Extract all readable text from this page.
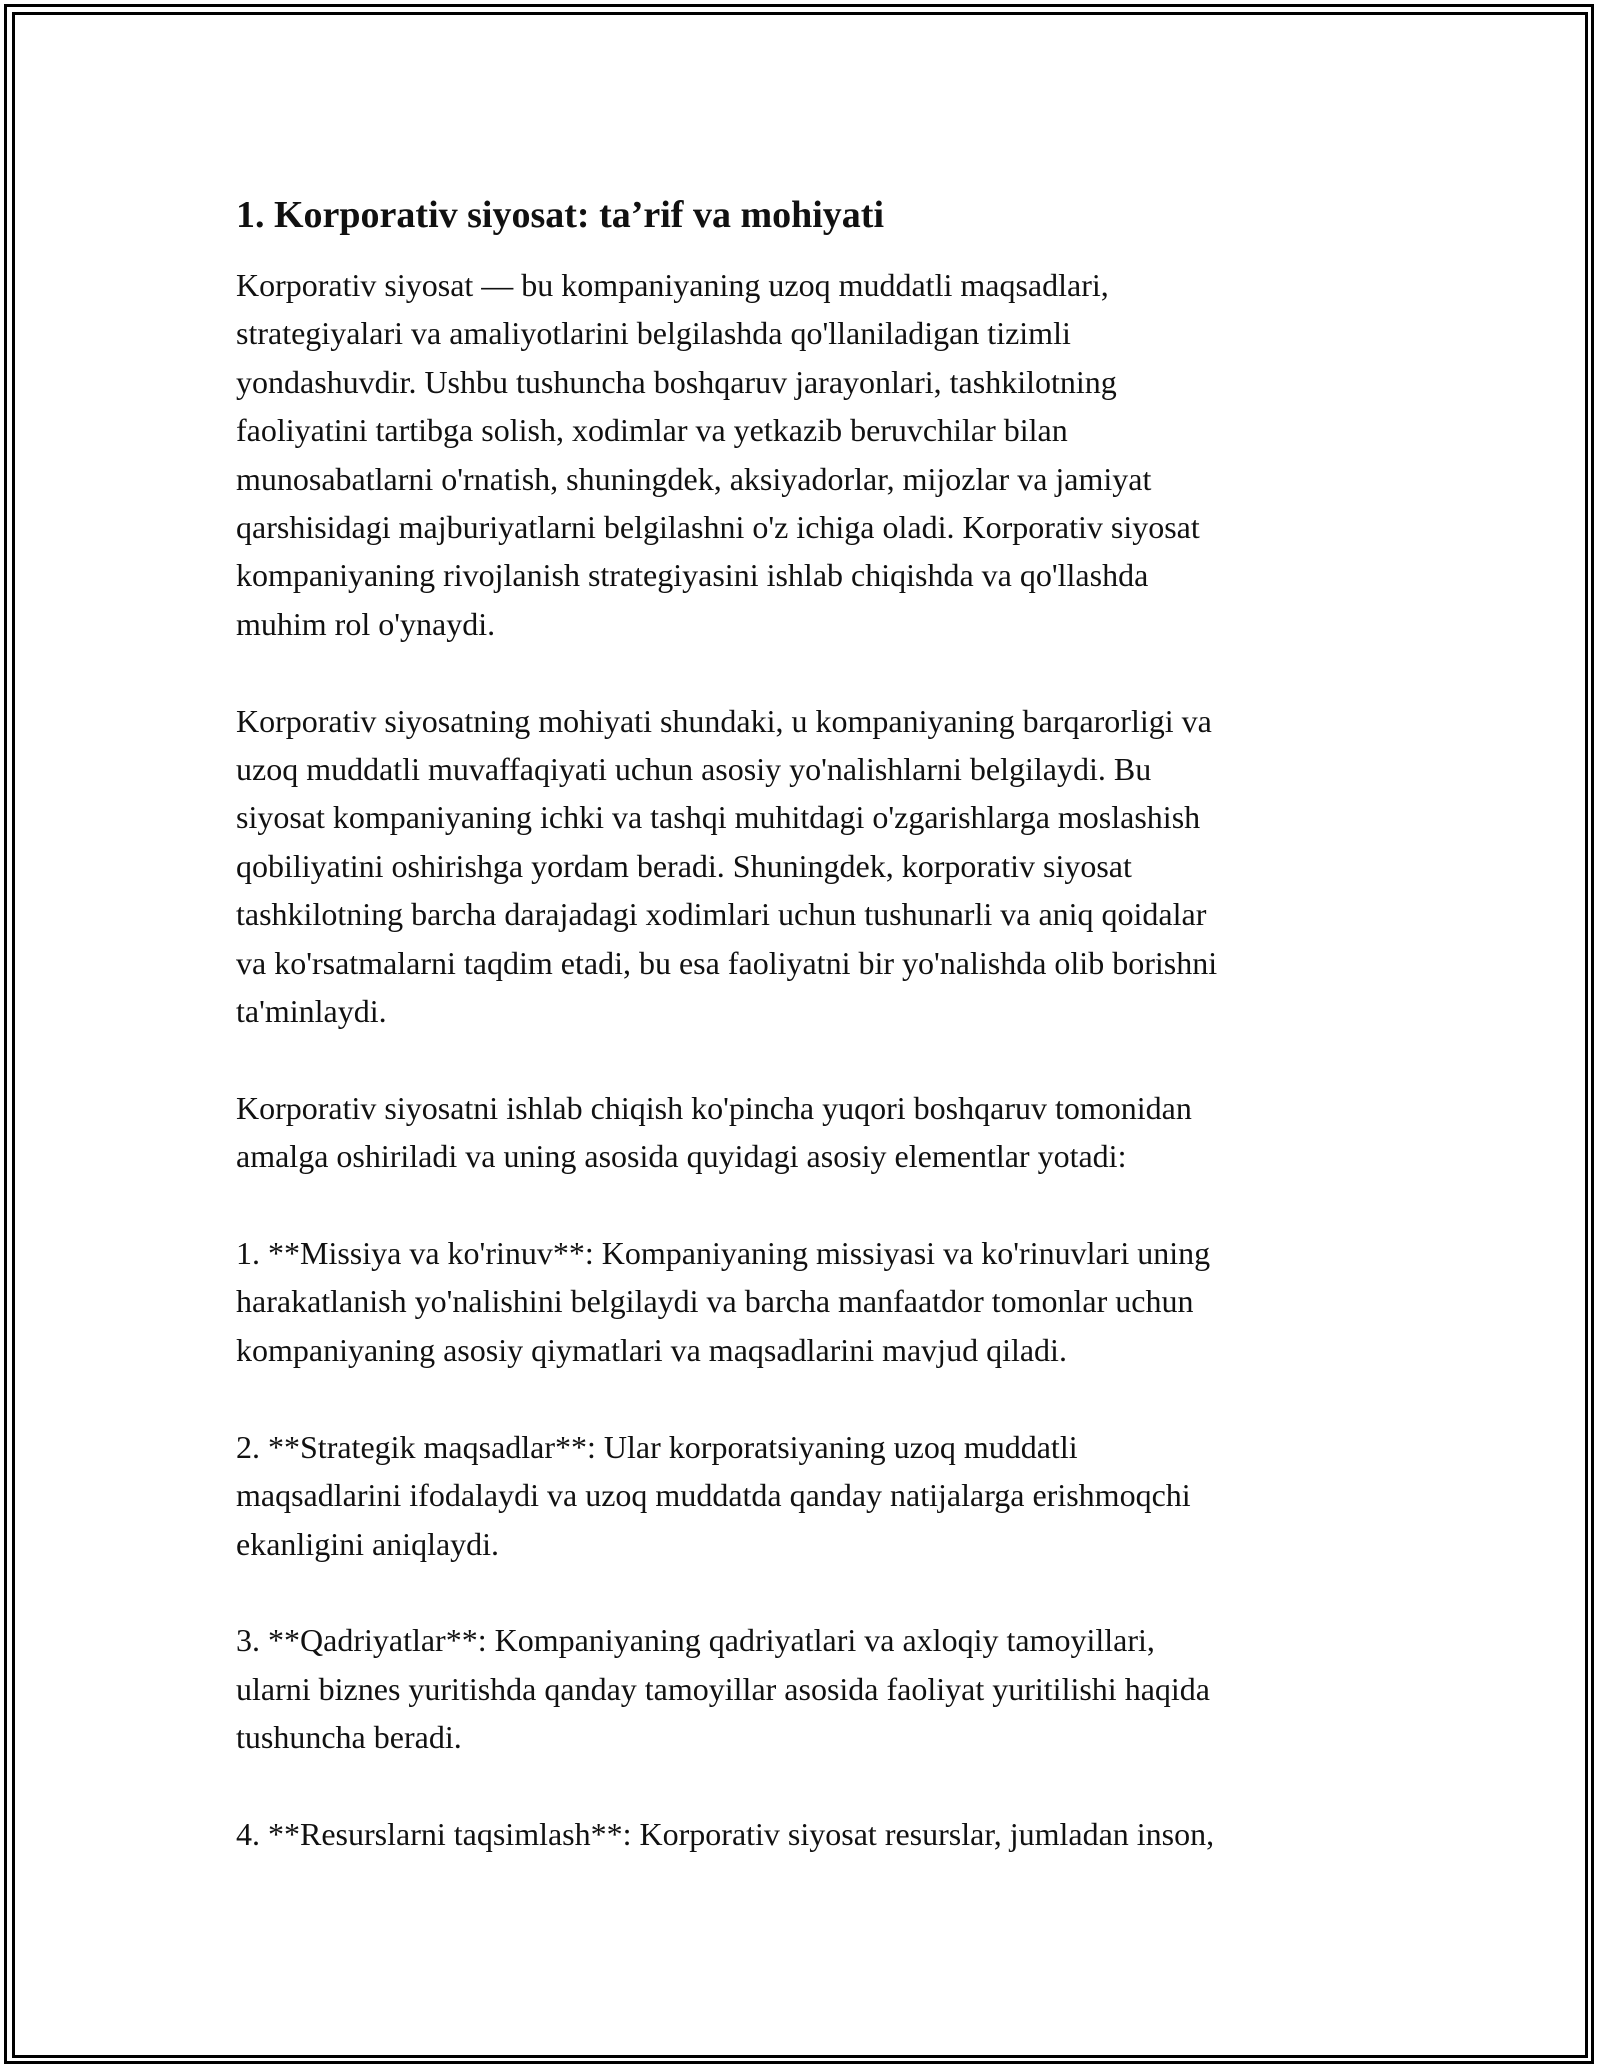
1. Korporativ siyosat: ta’rif va mohiyati

Korporativ siyosat — bu kompaniyaning uzoq muddatli maqsadlari,
strategiyalari va amaliyotlarini belgilashda qo'llaniladigan tizimli
yondashuvdir. Ushbu tushuncha boshqaruv jarayonlari, tashkilotning
faoliyatini tartibga solish, xodimlar va yetkazib beruvchilar bilan
munosabatlarni o'rnatish, shuningdek, aksiyadorlar, mijozlar va jamiyat
qarshisidagi majburiyatlarni belgilashni o'z ichiga oladi. Korporativ siyosat
kompaniyaning rivojlanish strategiyasini ishlab chiqishda va qo'llashda
muhim rol o'ynaydi.

Korporativ siyosatning mohiyati shundaki, u kompaniyaning barqarorligi va
uzoq muddatli muvaffaqiyati uchun asosiy yo'nalishlarni belgilaydi. Bu
siyosat kompaniyaning ichki va tashqi muhitdagi o'zgarishlarga moslashish
qobiliyatini oshirishga yordam beradi. Shuningdek, korporativ siyosat
tashkilotning barcha darajadagi xodimlari uchun tushunarli va aniq qoidalar
va ko'rsatmalarni taqdim etadi, bu esa faoliyatni bir yo'nalishda olib borishni
ta'minlaydi.

Korporativ siyosatni ishlab chiqish ko'pincha yuqori boshqaruv tomonidan
amalga oshiriladi va uning asosida quyidagi asosiy elementlar yotadi:

1. **Missiya va ko'rinuv**: Kompaniyaning missiyasi va ko'rinuvlari uning
harakatlanish yo'nalishini belgilaydi va barcha manfaatdor tomonlar uchun
kompaniyaning asosiy qiymatlari va maqsadlarini mavjud qiladi.

2. **Strategik maqsadlar**: Ular korporatsiyaning uzoq muddatli
maqsadlarini ifodalaydi va uzoq muddatda qanday natijalarga erishmoqchi
ekanligini aniqlaydi.

3. **Qadriyatlar**: Kompaniyaning qadriyatlari va axloqiy tamoyillari,
ularni biznes yuritishda qanday tamoyillar asosida faoliyat yuritilishi haqida
tushuncha beradi.

4. **Resurslarni taqsimlash**: Korporativ siyosat resurslar, jumladan inson,
